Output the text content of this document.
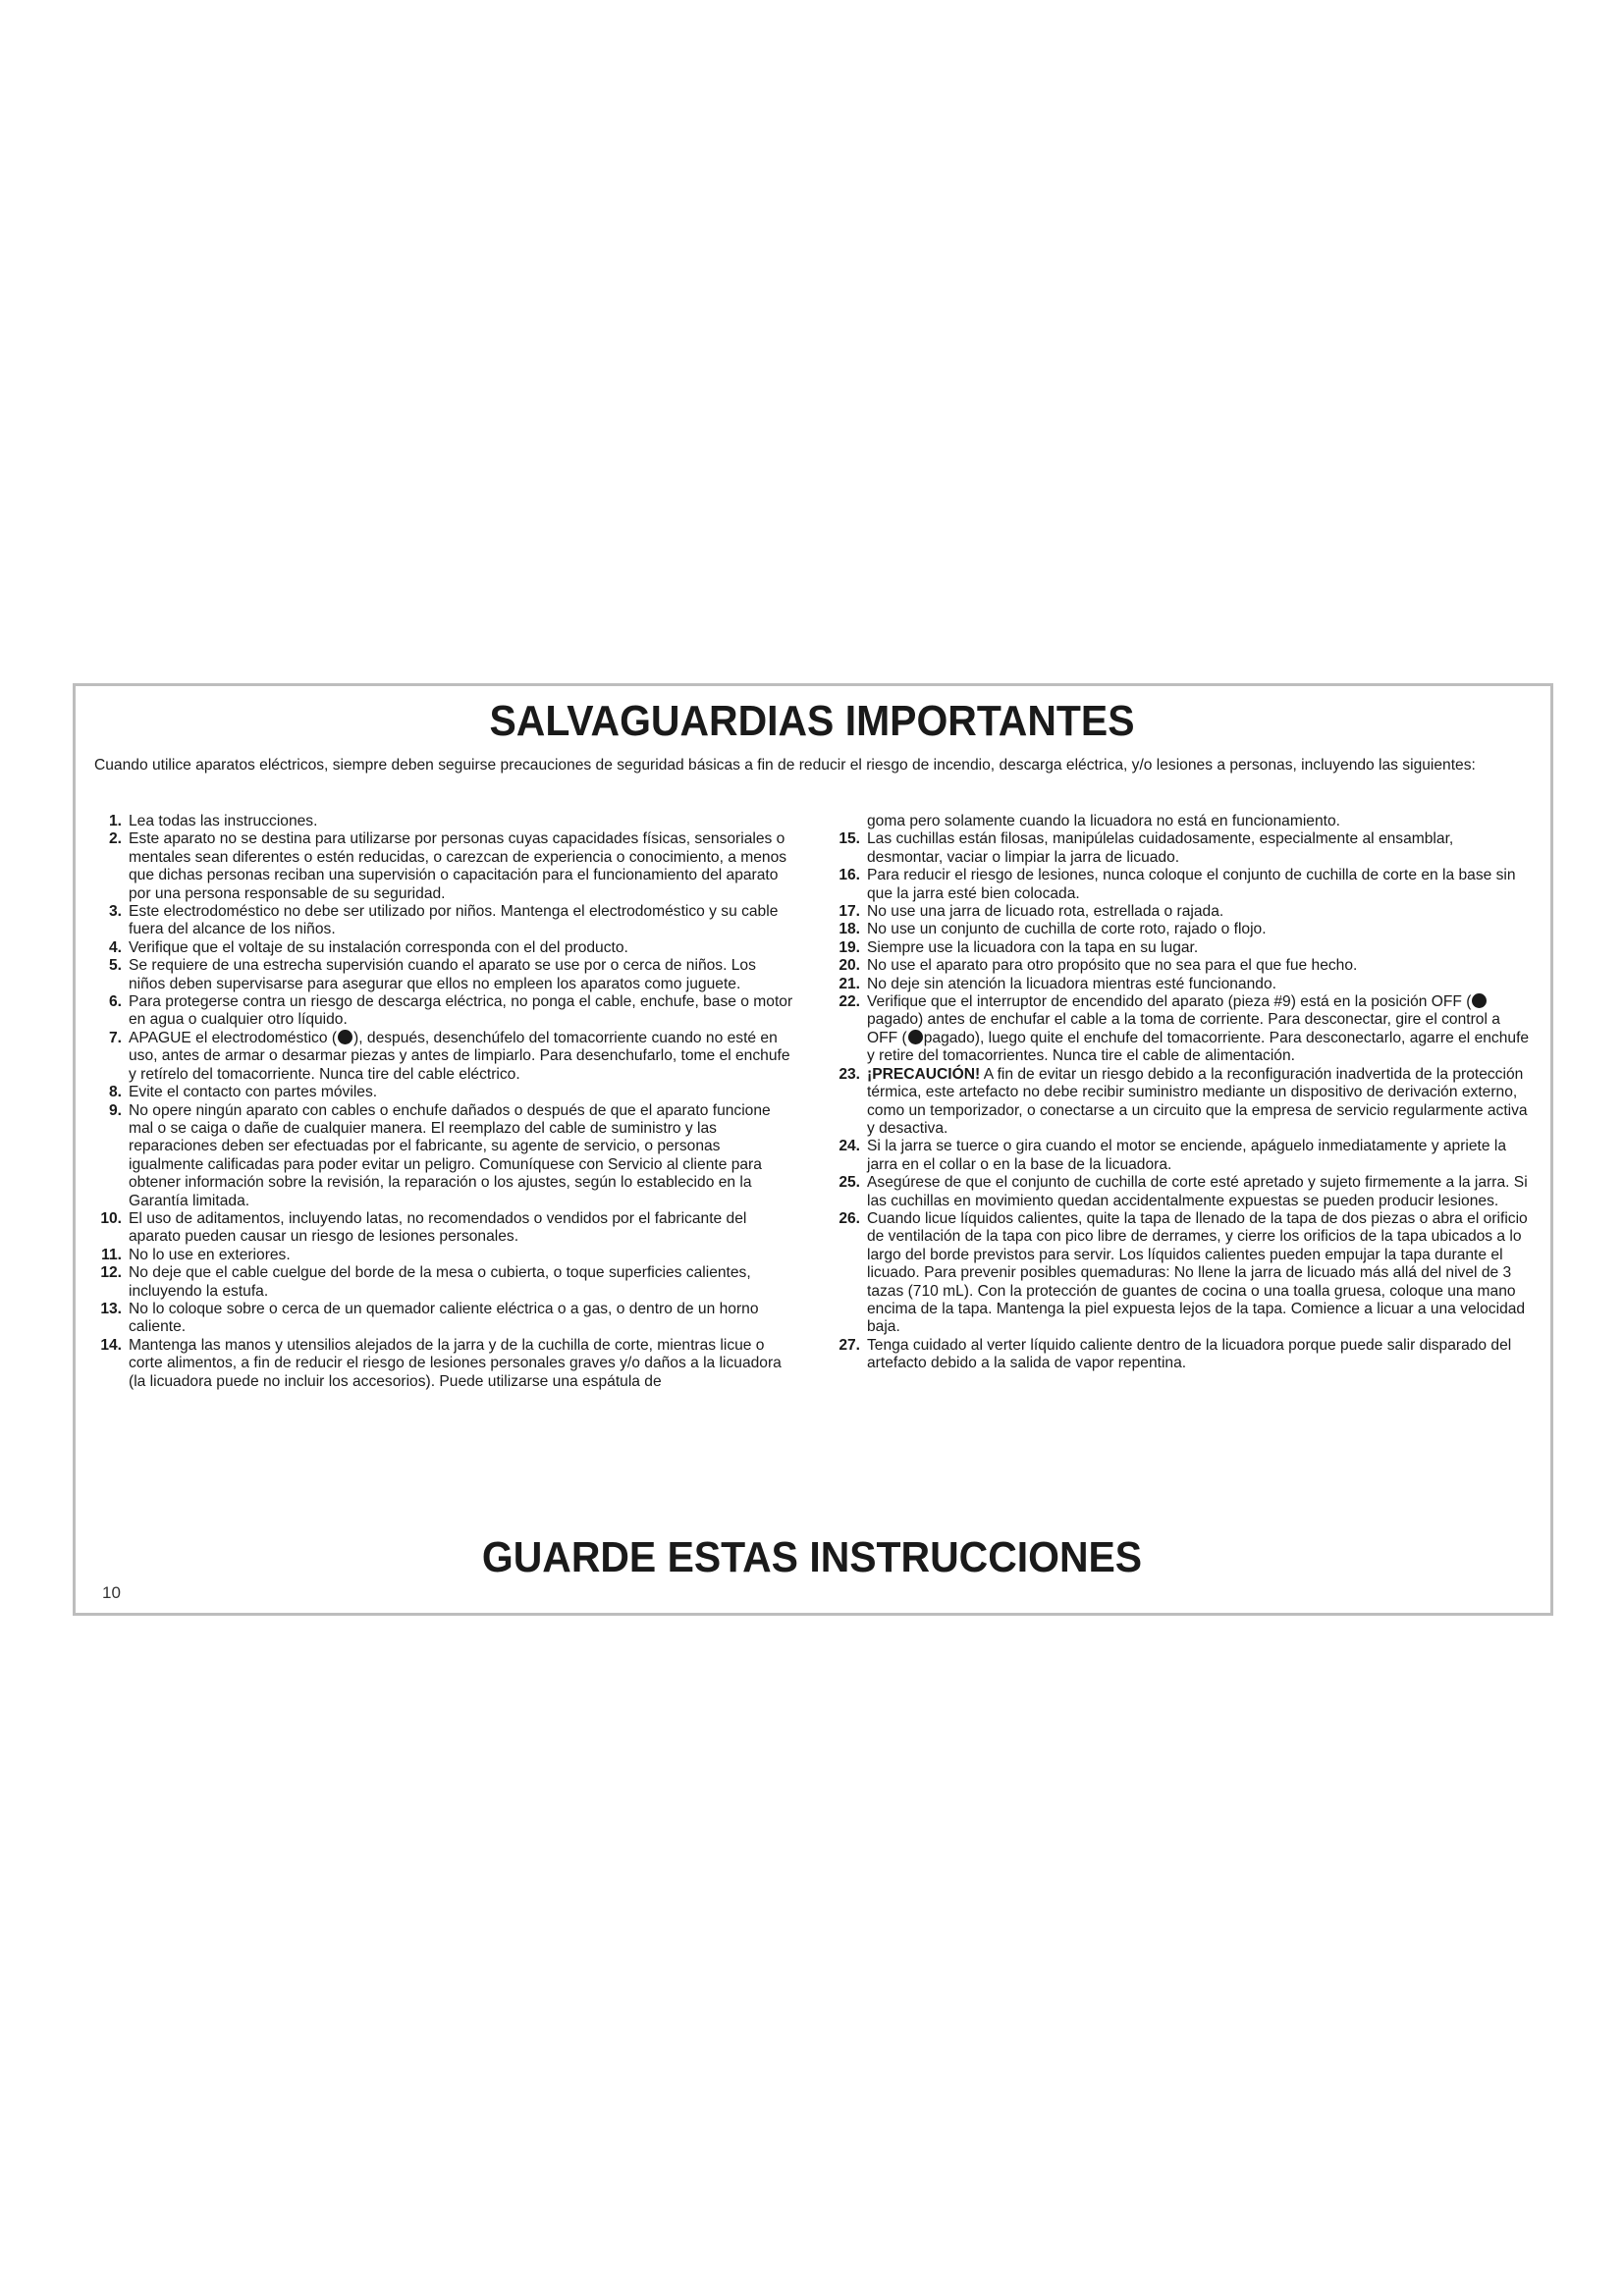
SALVAGUARDIAS IMPORTANTES
Cuando utilice aparatos eléctricos, siempre deben seguirse precauciones de seguridad básicas a fin de reducir el riesgo de incendio, descarga eléctrica, y/o lesiones a personas, incluyendo las siguientes:
1. Lea todas las instrucciones.
2. Este aparato no se destina para utilizarse por personas cuyas capacidades físicas, sensoriales o mentales sean diferentes o estén reducidas, o carezcan de experiencia o conocimiento, a menos que dichas personas reciban una supervisión o capacitación para el funcionamiento del aparato por una persona responsable de su seguridad.
3. Este electrodoméstico no debe ser utilizado por niños. Mantenga el electrodoméstico y su cable fuera del alcance de los niños.
4. Verifique que el voltaje de su instalación corresponda con el del producto.
5. Se requiere de una estrecha supervisión cuando el aparato se use por o cerca de niños. Los niños deben supervisarse para asegurar que ellos no empleen los aparatos como juguete.
6. Para protegerse contra un riesgo de descarga eléctrica, no ponga el cable, enchufe, base o motor en agua o cualquier otro líquido.
7. APAGUE el electrodoméstico ( ), después, desenchúfelo del tomacorriente cuando no esté en uso, antes de armar o desarmar piezas y antes de limpiarlo. Para desenchufarlo, tome el enchufe y retírelo del tomacorriente. Nunca tire del cable eléctrico.
8. Evite el contacto con partes móviles.
9. No opere ningún aparato con cables o enchufe dañados o después de que el aparato funcione mal o se caiga o dañe de cualquier manera. El reemplazo del cable de suministro y las reparaciones deben ser efectuadas por el fabricante, su agente de servicio, o personas igualmente calificadas para poder evitar un peligro. Comuníquese con Servicio al cliente para obtener información sobre la revisión, la reparación o los ajustes, según lo establecido en la Garantía limitada.
10. El uso de aditamentos, incluyendo latas, no recomendados o vendidos por el fabricante del aparato pueden causar un riesgo de lesiones personales.
11. No lo use en exteriores.
12. No deje que el cable cuelgue del borde de la mesa o cubierta, o toque superficies calientes, incluyendo la estufa.
13. No lo coloque sobre o cerca de un quemador caliente eléctrica o a gas, o dentro de un horno caliente.
14. Mantenga las manos y utensilios alejados de la jarra y de la cuchilla de corte, mientras licue o corte alimentos, a fin de reducir el riesgo de lesiones personales graves y/o daños a la licuadora (la licuadora puede no incluir los accesorios). Puede utilizarse una espátula de
goma pero solamente cuando la licuadora no está en funcionamiento.
15. Las cuchillas están filosas, manipúlelas cuidadosamente, especialmente al ensamblar, desmontar, vaciar o limpiar la jarra de licuado.
16. Para reducir el riesgo de lesiones, nunca coloque el conjunto de cuchilla de corte en la base sin que la jarra esté bien colocada.
17. No use una jarra de licuado rota, estrellada o rajada.
18. No use un conjunto de cuchilla de corte roto, rajado o flojo.
19. Siempre use la licuadora con la tapa en su lugar.
20. No use el aparato para otro propósito que no sea para el que fue hecho.
21. No deje sin atención la licuadora mientras esté funcionando.
22. Verifique que el interruptor de encendido del aparato (pieza #9) está en la posición OFF (pagado) antes de enchufar el cable a la toma de corriente. Para desconectar, gire el control a OFF ( pagado), luego quite el enchufe del tomacorriente. Para desconectarlo, agarre el enchufe y retire del tomacorrientes. Nunca tire el cable de alimentación.
23. ¡PRECAUCIÓN! A fin de evitar un riesgo debido a la reconfiguración inadvertida de la protección térmica, este artefacto no debe recibir suministro mediante un dispositivo de derivación externo, como un temporizador, o conectarse a un circuito que la empresa de servicio regularmente activa y desactiva.
24. Si la jarra se tuerce o gira cuando el motor se enciende, apáguelo inmediatamente y apriete la jarra en el collar o en la base de la licuadora.
25. Asegúrese de que el conjunto de cuchilla de corte esté apretado y sujeto firmemente a la jarra. Si las cuchillas en movimiento quedan accidentalmente expuestas se pueden producir lesiones.
26. Cuando licue líquidos calientes, quite la tapa de llenado de la tapa de dos piezas o abra el orificio de ventilación de la tapa con pico libre de derrames, y cierre los orificios de la tapa ubicados a lo largo del borde previstos para servir. Los líquidos calientes pueden empujar la tapa durante el licuado. Para prevenir posibles quemaduras: No llene la jarra de licuado más allá del nivel de 3 tazas (710 mL). Con la protección de guantes de cocina o una toalla gruesa, coloque una mano encima de la tapa. Mantenga la piel expuesta lejos de la tapa. Comience a licuar a una velocidad baja.
27. Tenga cuidado al verter líquido caliente dentro de la licuadora porque puede salir disparado del artefacto debido a la salida de vapor repentina.
GUARDE ESTAS INSTRUCCIONES
10
